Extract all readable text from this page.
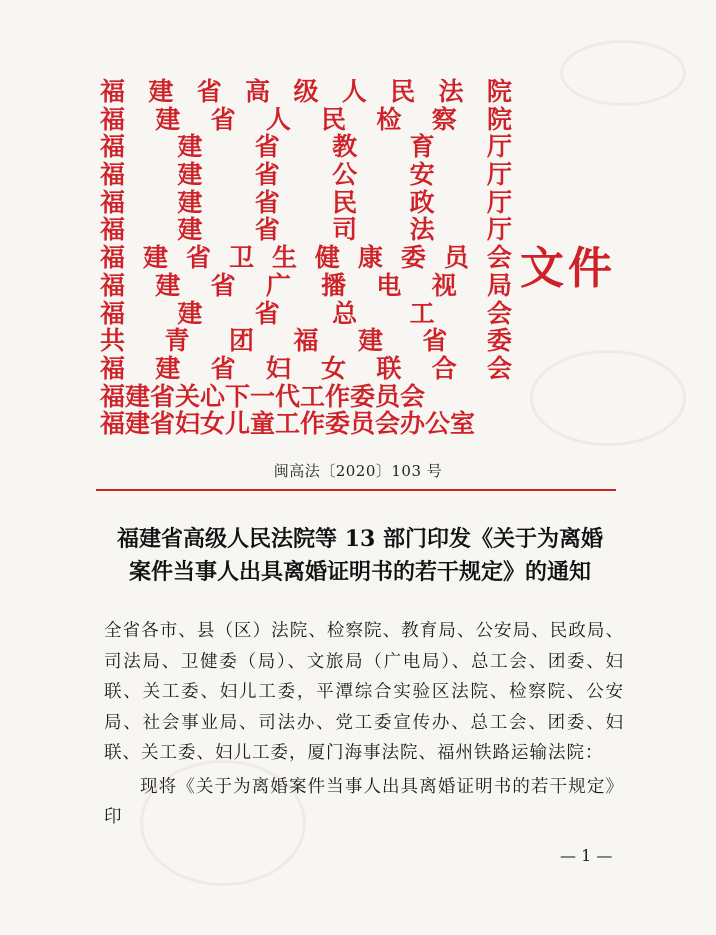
福 建 省 高 级 人 民 法 院
福 建 省 人 民 检 察 院
福 建 省 教 育 厅
福 建 省 公 安 厅
福 建 省 民 政 厅
福 建 省 司 法 厅
福 建 省 卫 生 健 康 委 员 会
福 建 省 广 播 电 视 局
福 建 省 总 工 会
共 青 团 福 建 省 委
福 建 省 妇 女 联 合 会
福建省关心下一代工作委员会
福建省妇女儿童工作委员会办公室
文件
闽高法〔2020〕103 号
福建省高级人民法院等 13 部门印发《关于为离婚
案件当事人出具离婚证明书的若干规定》的通知

全省各市、县（区）法院、检察院、教育局、公安局、民政局、司法局、卫健委（局）、文旅局（广电局）、总工会、团委、妇联、关工委、妇儿工委，平潭综合实验区法院、检察院、公安局、社会事业局、司法办、党工委宣传办、总工会、团委、妇联、关工委、妇儿工委，厦门海事法院、福州铁路运输法院：

现将《关于为离婚案件当事人出具离婚证明书的若干规定》印

— 1 —
